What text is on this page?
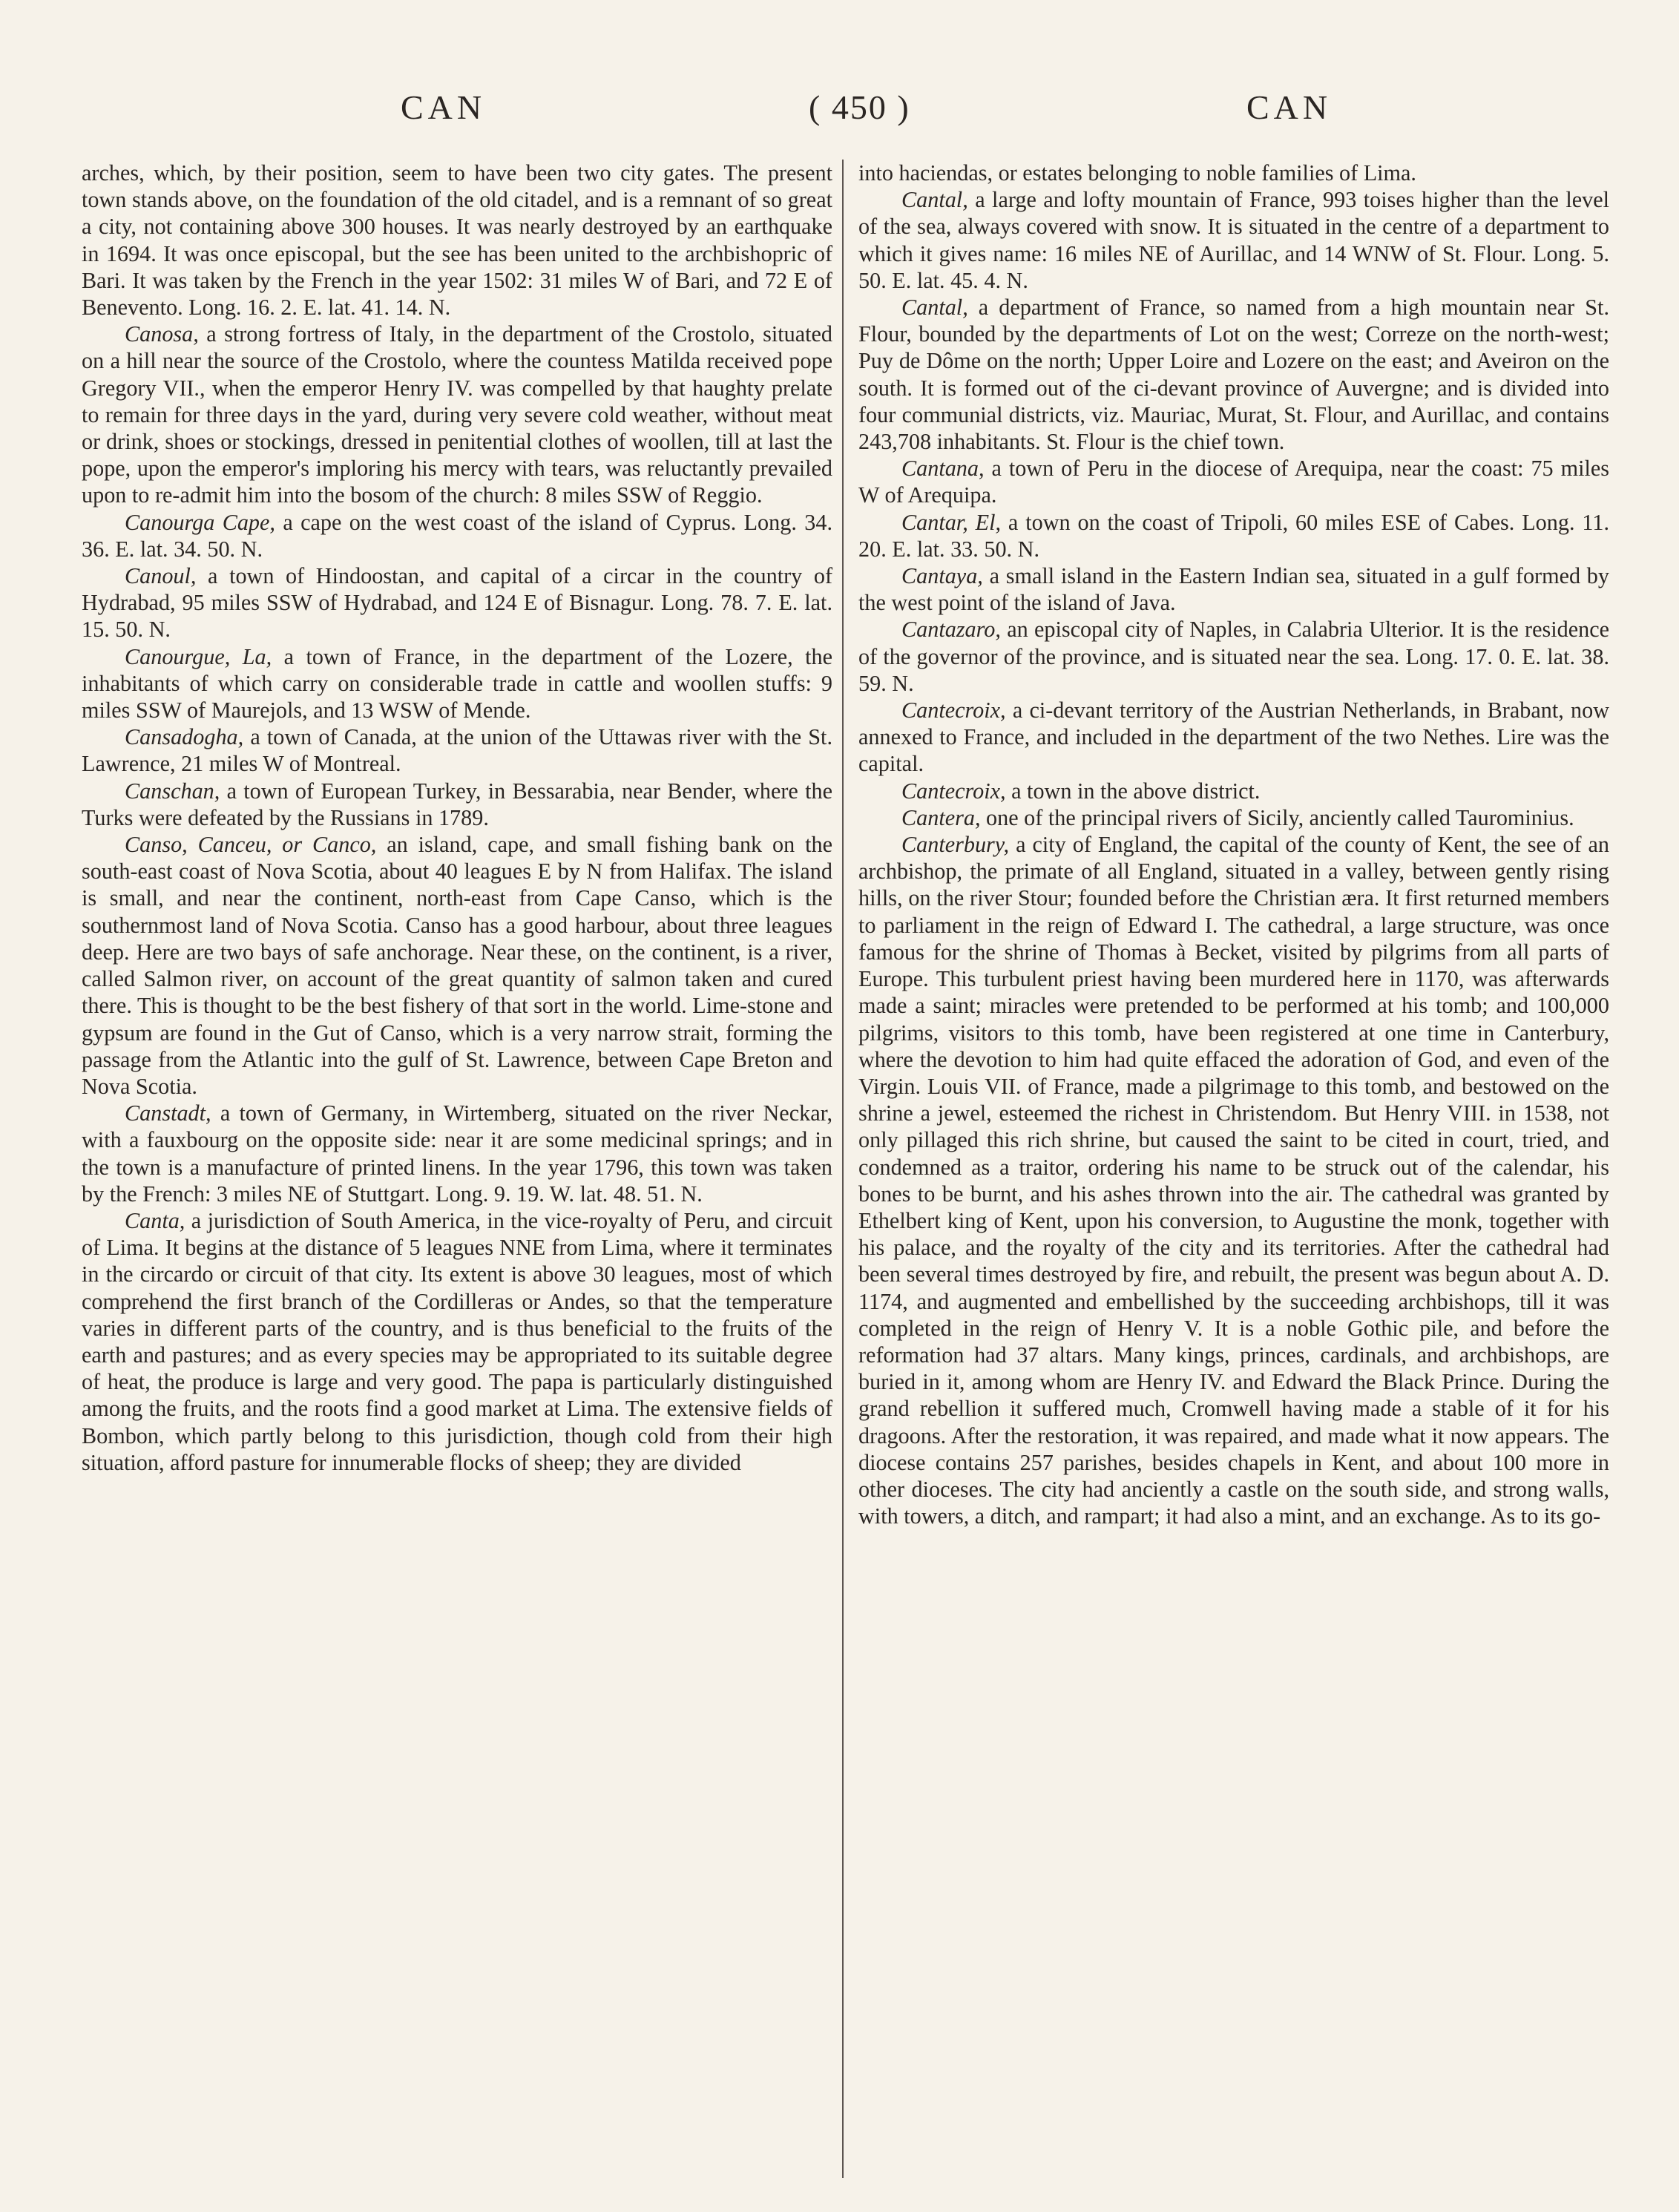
CAN	( 450 )	CAN

arches, which, by their position, seem to have been two city gates. The present town stands above, on the foundation of the old citadel, and is a remnant of so great a city, not containing above 300 houses. It was nearly destroyed by an earthquake in 1694. It was once episcopal, but the see has been united to the archbishopric of Bari. It was taken by the French in the year 1502: 31 miles W of Bari, and 72 E of Benevento. Long. 16. 2. E. lat. 41. 14. N.

Canosa, a strong fortress of Italy, in the department of the Crostolo, situated on a hill near the source of the Crostolo, where the countess Matilda received pope Gregory VII., when the emperor Henry IV. was compelled by that haughty prelate to remain for three days in the yard, during very severe cold weather, without meat or drink, shoes or stockings, dressed in penitential clothes of woollen, till at last the pope, upon the emperor's imploring his mercy with tears, was reluctantly prevailed upon to re-admit him into the bosom of the church: 8 miles SSW of Reggio.

Canourga Cape, a cape on the west coast of the island of Cyprus. Long. 34. 36. E. lat. 34. 50. N.

Canoul, a town of Hindoostan, and capital of a circar in the country of Hydrabad, 95 miles SSW of Hydrabad, and 124 E of Bisnagur. Long. 78. 7. E. lat. 15. 50. N.

Canourgue, La, a town of France, in the department of the Lozere, the inhabitants of which carry on considerable trade in cattle and woollen stuffs: 9 miles SSW of Maurejols, and 13 WSW of Mende.

Cansadogha, a town of Canada, at the union of the Uttawas river with the St. Lawrence, 21 miles W of Montreal.

Canschan, a town of European Turkey, in Bessarabia, near Bender, where the Turks were defeated by the Russians in 1789.

Canso, Canceu, or Canco, an island, cape, and small fishing bank on the south-east coast of Nova Scotia, about 40 leagues E by N from Halifax. The island is small, and near the continent, north-east from Cape Canso, which is the southernmost land of Nova Scotia. Canso has a good harbour, about three leagues deep. Here are two bays of safe anchorage. Near these, on the continent, is a river, called Salmon river, on account of the great quantity of salmon taken and cured there. This is thought to be the best fishery of that sort in the world. Lime-stone and gypsum are found in the Gut of Canso, which is a very narrow strait, forming the passage from the Atlantic into the gulf of St. Lawrence, between Cape Breton and Nova Scotia.

Canstadt, a town of Germany, in Wirtemberg, situated on the river Neckar, with a fauxbourg on the opposite side: near it are some medicinal springs; and in the town is a manufacture of printed linens. In the year 1796, this town was taken by the French: 3 miles NE of Stuttgart. Long. 9. 19. W. lat. 48. 51. N.

Canta, a jurisdiction of South America, in the vice-royalty of Peru, and circuit of Lima. It begins at the distance of 5 leagues NNE from Lima, where it terminates in the circardo or circuit of that city. Its extent is above 30 leagues, most of which comprehend the first branch of the Cordilleras or Andes, so that the temperature varies in different parts of the country, and is thus beneficial to the fruits of the earth and pastures; and as every species may be appropriated to its suitable degree of heat, the produce is large and very good. The papa is particularly distinguished among the fruits, and the roots find a good market at Lima. The extensive fields of Bombon, which partly belong to this jurisdiction, though cold from their high situation, afford pasture for innumerable flocks of sheep; they are divided

into haciendas, or estates belonging to noble families of Lima.

Cantal, a large and lofty mountain of France, 993 toises higher than the level of the sea, always covered with snow. It is situated in the centre of a department to which it gives name: 16 miles NE of Aurillac, and 14 WNW of St. Flour. Long. 5. 50. E. lat. 45. 4. N.

Cantal, a department of France, so named from a high mountain near St. Flour, bounded by the departments of Lot on the west; Correze on the north-west; Puy de Dôme on the north; Upper Loire and Lozere on the east; and Aveiron on the south. It is formed out of the ci-devant province of Auvergne; and is divided into four communial districts, viz. Mauriac, Murat, St. Flour, and Aurillac, and contains 243,708 inhabitants. St. Flour is the chief town.

Cantana, a town of Peru in the diocese of Arequipa, near the coast: 75 miles W of Arequipa.

Cantar, El, a town on the coast of Tripoli, 60 miles ESE of Cabes. Long. 11. 20. E. lat. 33. 50. N.

Cantaya, a small island in the Eastern Indian sea, situated in a gulf formed by the west point of the island of Java.

Cantazaro, an episcopal city of Naples, in Calabria Ulterior. It is the residence of the governor of the province, and is situated near the sea. Long. 17. 0. E. lat. 38. 59. N.

Cantecroix, a ci-devant territory of the Austrian Netherlands, in Brabant, now annexed to France, and included in the department of the two Nethes. Lire was the capital.

Cantecroix, a town in the above district.

Cantera, one of the principal rivers of Sicily, anciently called Taurominius.

Canterbury, a city of England, the capital of the county of Kent, the see of an archbishop, the primate of all England, situated in a valley, between gently rising hills, on the river Stour; founded before the Christian æra. It first returned members to parliament in the reign of Edward I. The cathedral, a large structure, was once famous for the shrine of Thomas à Becket, visited by pilgrims from all parts of Europe. This turbulent priest having been murdered here in 1170, was afterwards made a saint; miracles were pretended to be performed at his tomb; and 100,000 pilgrims, visitors to this tomb, have been registered at one time in Canterbury, where the devotion to him had quite effaced the adoration of God, and even of the Virgin. Louis VII. of France, made a pilgrimage to this tomb, and bestowed on the shrine a jewel, esteemed the richest in Christendom. But Henry VIII. in 1538, not only pillaged this rich shrine, but caused the saint to be cited in court, tried, and condemned as a traitor, ordering his name to be struck out of the calendar, his bones to be burnt, and his ashes thrown into the air. The cathedral was granted by Ethelbert king of Kent, upon his conversion, to Augustine the monk, together with his palace, and the royalty of the city and its territories. After the cathedral had been several times destroyed by fire, and rebuilt, the present was begun about A. D. 1174, and augmented and embellished by the succeeding archbishops, till it was completed in the reign of Henry V. It is a noble Gothic pile, and before the reformation had 37 altars. Many kings, princes, cardinals, and archbishops, are buried in it, among whom are Henry IV. and Edward the Black Prince. During the grand rebellion it suffered much, Cromwell having made a stable of it for his dragoons. After the restoration, it was repaired, and made what it now appears. The diocese contains 257 parishes, besides chapels in Kent, and about 100 more in other dioceses. The city had anciently a castle on the south side, and strong walls, with towers, a ditch, and rampart; it had also a mint, and an exchange. As to its go-
